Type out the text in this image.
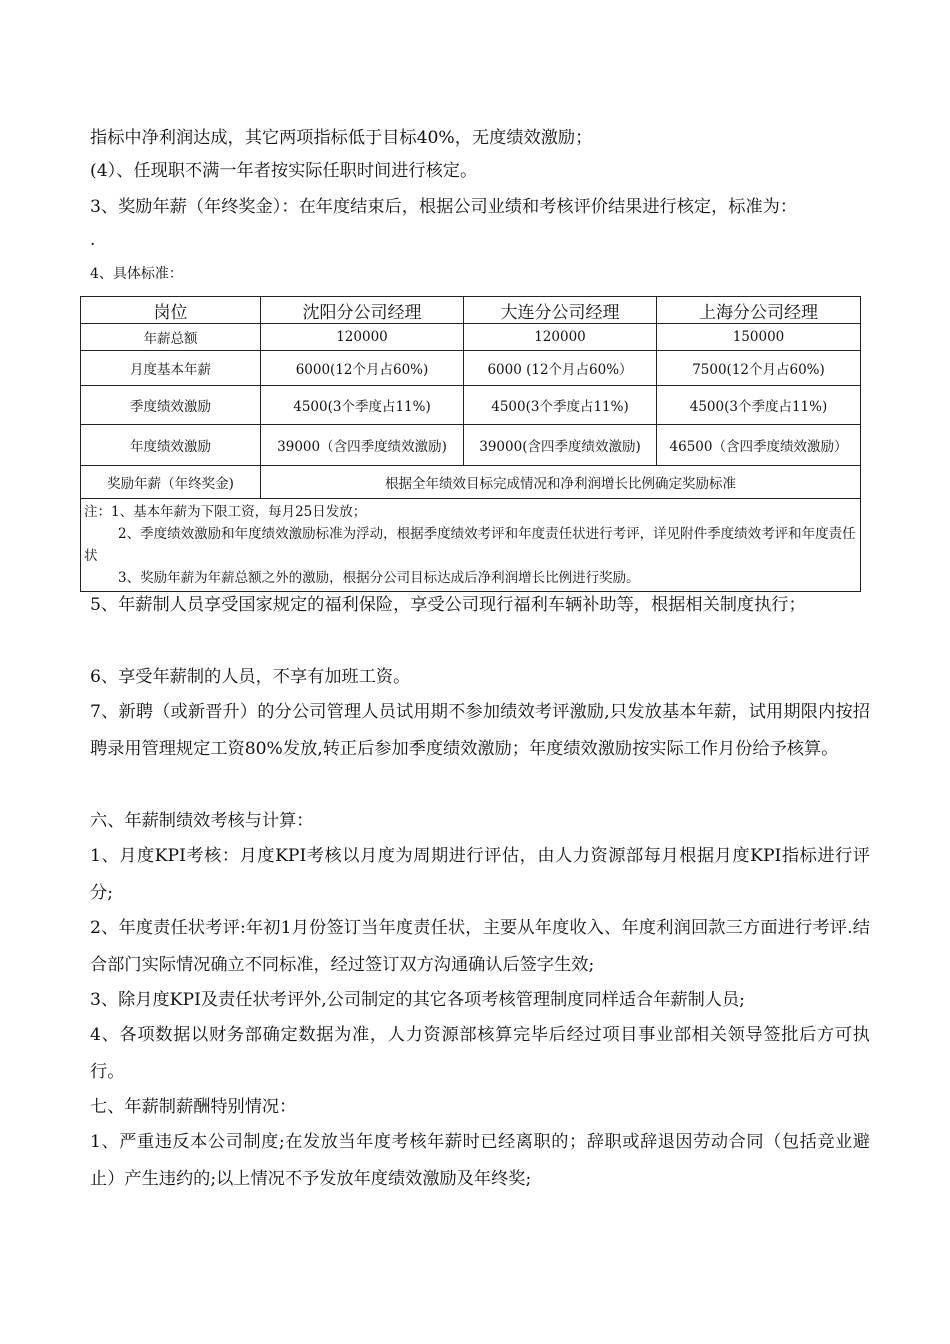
指标中净利润达成，其它两项指标低于目标40%，无度绩效激励；
(4）、任现职不满一年者按实际任职时间进行核定。
3、奖励年薪（年终奖金）：在年度结束后，根据公司业绩和考核评价结果进行核定，标准为：
.
4、具体标准：
岗位	沈阳分公司经理	大连分公司经理	上海分公司经理
年薪总额	120000	120000	150000
月度基本年薪	6000(12个月占60%)	6000 (12个月占60%）	7500(12个月占60%)
季度绩效激励	4500(3个季度占11%)	4500(3个季度占11%)	4500(3个季度占11%)
年度绩效激励	39000（含四季度绩效激励)	39000(含四季度绩效激励)	46500（含四季度绩效激励）
奖励年薪（年终奖金)	根据全年绩效目标完成情况和净利润增长比例确定奖励标准		

注：1、基本年薪为下限工资，每月25日发放；
2、季度绩效激励和年度绩效激励标准为浮动，根据季度绩效考评和年度责任状进行考评，详见附件季度绩效考评和年度责任状
3、奖励年薪为年薪总额之外的激励，根据分公司目标达成后净利润增长比例进行奖励。			
5、年薪制人员享受国家规定的福利保险，享受公司现行福利车辆补助等，根据相关制度执行；
6、享受年薪制的人员，不享有加班工资。
7、新聘（或新晋升）的分公司管理人员试用期不参加绩效考评激励,只发放基本年薪，试用期限内按招聘录用管理规定工资80%发放,转正后参加季度绩效激励；年度绩效激励按实际工作月份给予核算。
六、年薪制绩效考核与计算：
1、月度KPI考核：月度KPI考核以月度为周期进行评估，由人力资源部每月根据月度KPI指标进行评分;
2、年度责任状考评:年初1月份签订当年度责任状，主要从年度收入、年度利润回款三方面进行考评.结合部门实际情况确立不同标准，经过签订双方沟通确认后签字生效;
3、除月度KPI及责任状考评外,公司制定的其它各项考核管理制度同样适合年薪制人员;
4、各项数据以财务部确定数据为准，人力资源部核算完毕后经过项目事业部相关领导签批后方可执行。
七、年薪制薪酬特别情况：
1、严重违反本公司制度;在发放当年度考核年薪时已经离职的；辞职或辞退因劳动合同（包括竞业避止）产生违约的;以上情况不予发放年度绩效激励及年终奖;
